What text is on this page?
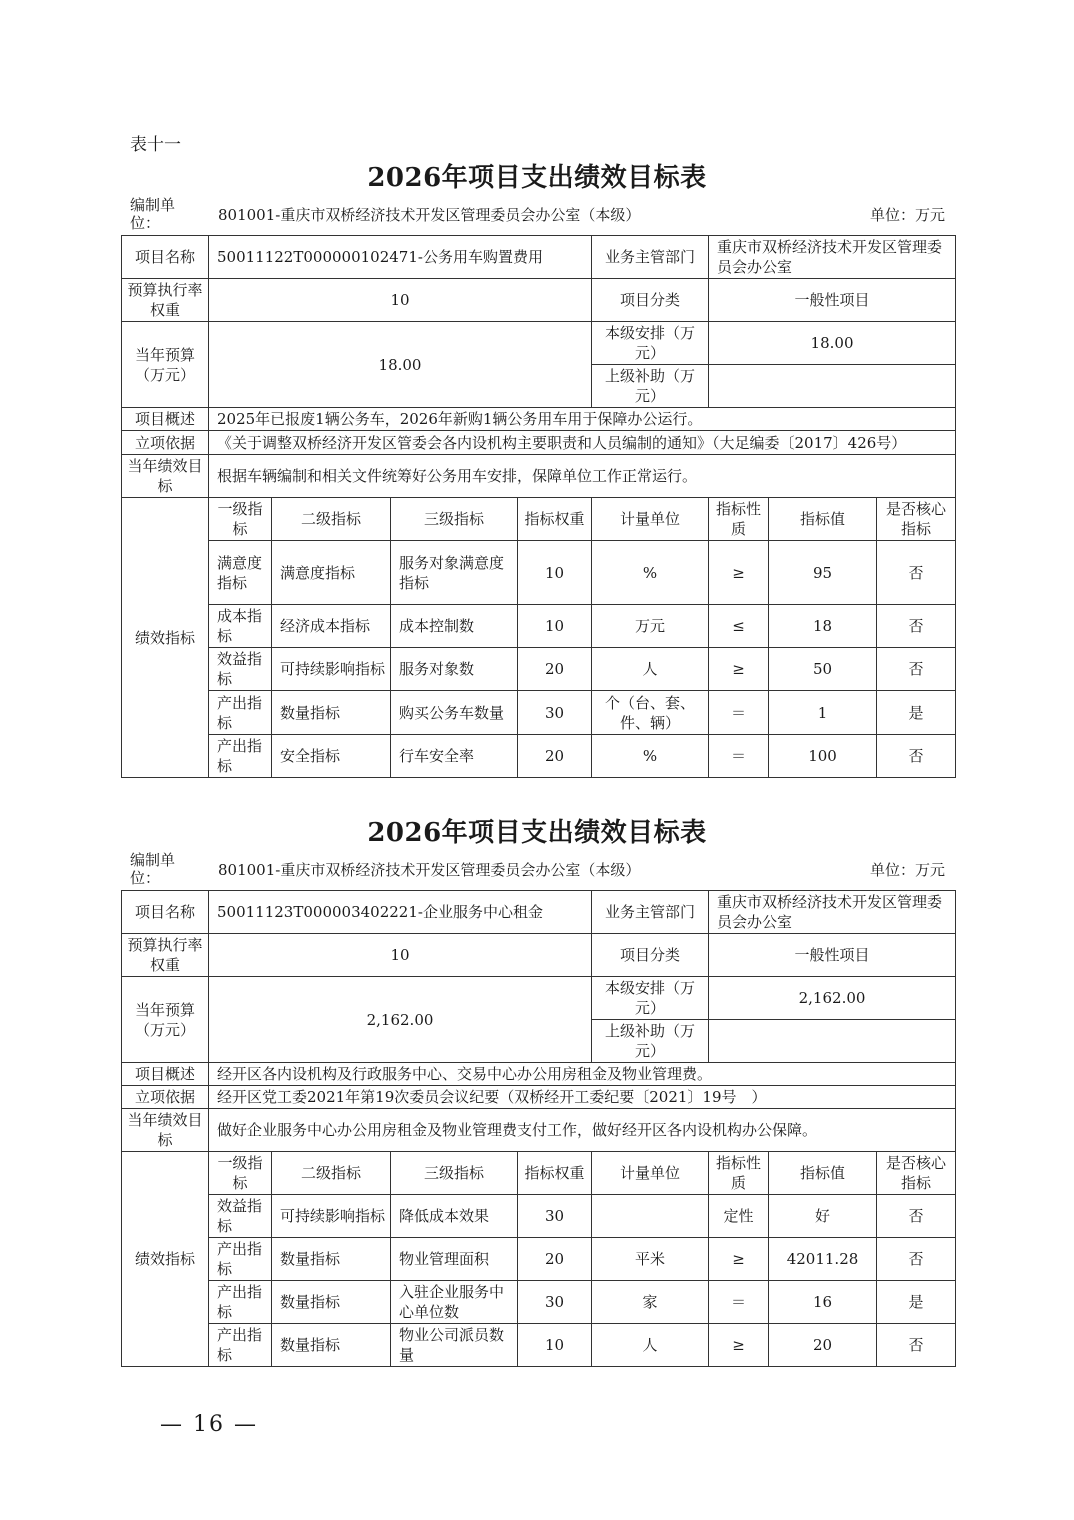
表十一
2026年项目支出绩效目标表
编制单位：	801001-重庆市双桥经济技术开发区管理委员会办公室（本级）	单位：万元
项目名称	50011122T000000102471-公务用车购置费用				业务主管部门	重庆市双桥经济技术开发区管理委员会办公室		
预算执行率权重	10				项目分类	一般性项目		
当年预算（万元）	18.00				本级安排（万元）	18.00		
					上级补助（万元）			
项目概述	2025年已报废1辆公务车，2026年新购1辆公务用车用于保障办公运行。							
立项依据	《关于调整双桥经济开发区管委会各内设机构主要职责和人员编制的通知》（大足编委〔2017〕426号）							
当年绩效目标	根据车辆编制和相关文件统筹好公务用车安排，保障单位工作正常运行。							
绩效指标	一级指标	二级指标	三级指标	指标权重	计量单位	指标性质	指标值	是否核心指标
	满意度指标	满意度指标	服务对象满意度指标	10	%	≥	95	否
	成本指标	经济成本指标	成本控制数	10	万元	≤	18	否
	效益指标	可持续影响指标	服务对象数	20	人	≥	50	否
	产出指标	数量指标	购买公务车数量	30	个（台、套、件、辆）	＝	1	是
	产出指标	安全指标	行车安全率	20	%	＝	100	否
2026年项目支出绩效目标表
编制单位：	801001-重庆市双桥经济技术开发区管理委员会办公室（本级）	单位：万元
项目名称	50011123T000003402221-企业服务中心租金				业务主管部门	重庆市双桥经济技术开发区管理委员会办公室		
预算执行率权重	10				项目分类	一般性项目		
当年预算（万元）	2,162.00				本级安排（万元）	2,162.00		
					上级补助（万元）			
项目概述	经开区各内设机构及行政服务中心、交易中心办公用房租金及物业管理费。							
立项依据	经开区党工委2021年第19次委员会议纪要（双桥经开工委纪要〔2021〕19号　）							
当年绩效目标	做好企业服务中心办公用房租金及物业管理费支付工作，做好经开区各内设机构办公保障。							
绩效指标	一级指标	二级指标	三级指标	指标权重	计量单位	指标性质	指标值	是否核心指标
	效益指标	可持续影响指标	降低成本效果	30		定性	好	否
	产出指标	数量指标	物业管理面积	20	平米	≥	42011.28	否
	产出指标	数量指标	入驻企业服务中心单位数	30	家	＝	16	是
	产出指标	数量指标	物业公司派员数量	10	人	≥	20	否
— 16 —
